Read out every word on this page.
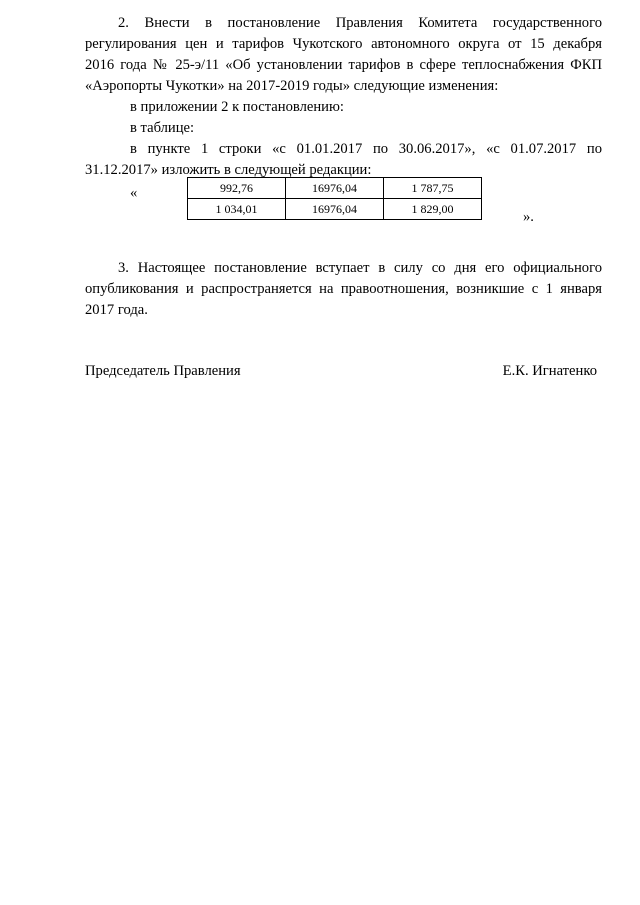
2. Внести в постановление Правления Комитета государственного
регулирования цен и тарифов Чукотского автономного округа от 15 декабря
2016 года № 25-э/11 «Об установлении тарифов в сфере теплоснабжения ФКП
«Аэропорты Чукотки» на 2017-2019 годы» следующие изменения:
в приложении 2 к постановлению:
в таблице:
в пункте 1 строки «с 01.01.2017 по 30.06.2017», «с 01.07.2017 по
31.12.2017» изложить в следующей редакции:
«	992,76	16976,04	1 787,75
1 034,01	16976,04	1 829,00
».
3. Настоящее постановление вступает в силу со дня его официального
опубликования и распространяется на правоотношения, возникшие с 1 января
2017 года.
Председатель Правления	Е.К. Игнатенко
